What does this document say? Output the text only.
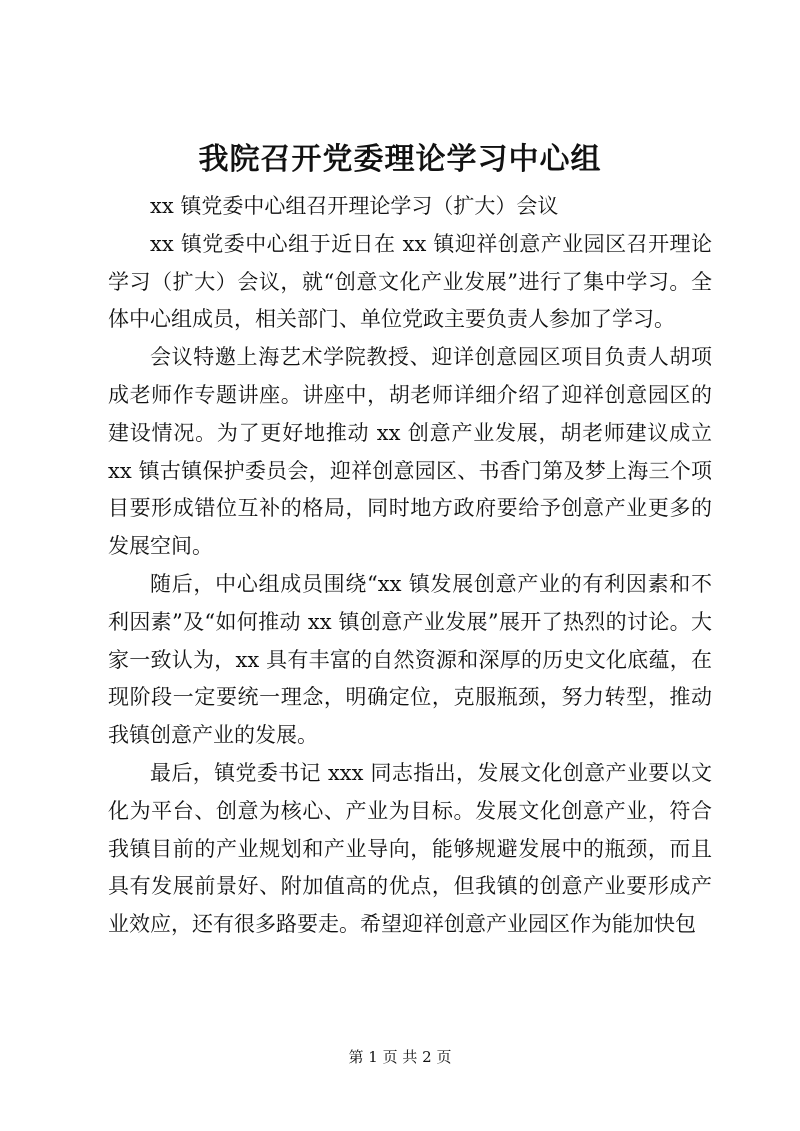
我院召开党委理论学习中心组

xx 镇党委中心组召开理论学习（扩大）会议

xx 镇党委中心组于近日在 xx 镇迎祥创意产业园区召开理论学习（扩大）会议，就“创意文化产业发展”进行了集中学习。全体中心组成员，相关部门、单位党政主要负责人参加了学习。

会议特邀上海艺术学院教授、迎详创意园区项目负责人胡项成老师作专题讲座。讲座中，胡老师详细介绍了迎祥创意园区的建设情况。为了更好地推动 xx 创意产业发展，胡老师建议成立 xx 镇古镇保护委员会，迎祥创意园区、书香门第及梦上海三个项目要形成错位互补的格局，同时地方政府要给予创意产业更多的发展空间。

随后，中心组成员围绕“xx 镇发展创意产业的有利因素和不利因素”及“如何推动 xx 镇创意产业发展”展开了热烈的讨论。大家一致认为，xx 具有丰富的自然资源和深厚的历史文化底蕴，在现阶段一定要统一理念，明确定位，克服瓶颈，努力转型，推动我镇创意产业的发展。

最后，镇党委书记 xxx 同志指出，发展文化创意产业要以文化为平台、创意为核心、产业为目标。发展文化创意产业，符合我镇目前的产业规划和产业导向，能够规避发展中的瓶颈，而且具有发展前景好、附加值高的优点，但我镇的创意产业要形成产业效应，还有很多路要走。希望迎祥创意产业园区作为能加快包

第 1 页 共 2 页
